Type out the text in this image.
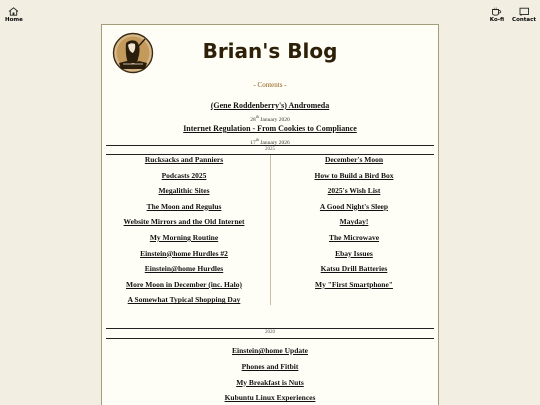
Home	Ko-fi Contact
Brian's Blog
- Contents -
(Gene Roddenberry's) Andromeda
28th January 2020
Internet Regulation - From Cookies to Compliance
17th January 2026
2025
Rucksacks and Panniers
Podcasts 2025
Megalithic Sites
The Moon and Regulus
Website Mirrors and the Old Internet
My Morning Routine
Einstein@home Hurdles #2
Einstein@home Hurdles
More Moon in December (inc. Halo)
A Somewhat Typical Shopping Day
December's Moon
How to Build a Bird Box
2025's Wish List
A Good Night's Sleep
Mayday!
The Microwave
Ebay Issues
Katsu Drill Batteries
My "First Smartphone"
2020
Einstein@home Update
Phones and Fitbit
My Breakfast is Nuts
Kubuntu Linux Experiences
